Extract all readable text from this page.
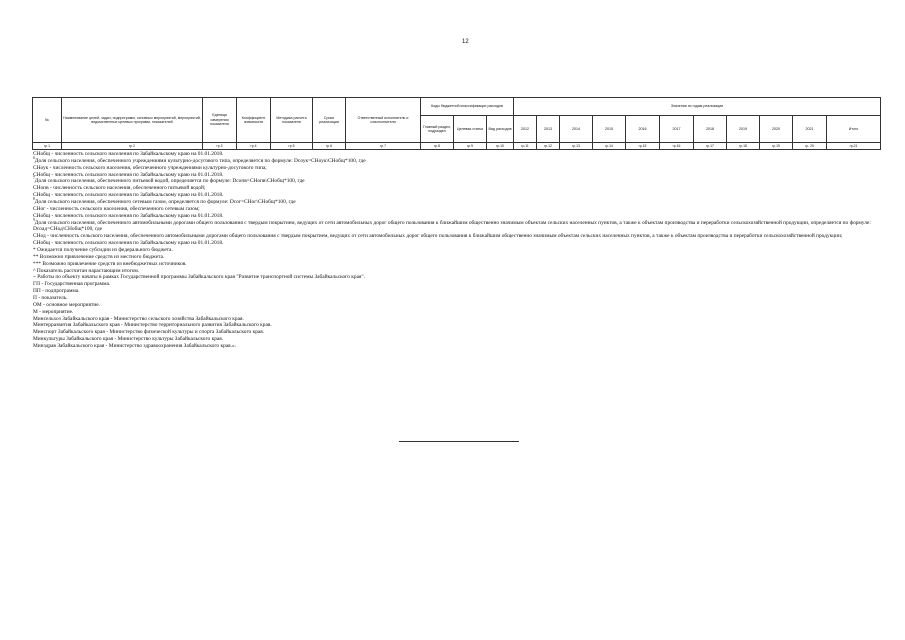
12
№	Наименование целей, задач, подпрограмм, основных мероприятий, мероприятий, ведомственных целевых программ, показателей	Единица измерения показателя	Коэффициент значимости	Методика расчета показателя	Сроки реализации	Ответственный исполнитель и соисполнители	Коды бюджетной классификации расходов			Значения по годам реализации										
							Главный раздел, подраздел	Целевая статья	Вид расходов	2012	2013	2014	2015	2016	2017	2018	2019	2020	2021	Итого
гр.1	гр.2	гр.3	гр.4	гр.5	гр.6	гр.7	гр.8	гр.9	гр.10	гр.11	гр.12	гр.13	гр.14	гр.15	гр.16	гр.17	гр.18	гр.19	гр. 20	гр.21

СНобщ - численность сельского населения по Забайкальскому краю на 01.01.2018.

$^6$Доля сельского населения, обеспеченного учреждениями культурно-досугового типа, определяется по формуле: Dсоук=СНоук\СНобщ*100, где

СНоук - численность сельского населения, обеспеченного учреждениями культурно-досугового типа;

СНобщ - численность сельского населения по Забайкальскому краю на 01.01.2018.

$^7$Доля сельского населения, обеспеченного питьевой водой, определяется по формуле: Dсопв=СНопв\СНобщ*100, где

СНопв - численность сельского населения, обеспеченного питьевой водой;

СНобщ - численность сельского населения по Забайкальскому краю на 01.01.2018.

$^8$Доля сельского населения, обеспеченного сетевым газом, определяется по формуле: Dсог=СНог\СНобщ*100, где

СНог - численность сельского населения, обеспеченного сетевым газом;

СНобщ - численность сельского населения по Забайкальскому краю на 01.01.2018.

$^9$Доля сельского населения, обеспеченного автомобильными дорогами общего пользования с твердым покрытием, ведущих от сети автомобильных дорог общего пользования к ближайшим общественно значимым объектам сельских населенных пунктов, а также к объектам производства и переработки сельскохозяйственной продукции, определяется по формуле: Dсоад=СНод\СНобщ*100, где

СНод - численность сельского населения, обеспеченного автомобильными дорогами общего пользования с твердым покрытием, ведущих от сети автомобильных дорог общего пользования к ближайшим общественно значимым объектам сельских населенных пунктов, а также к объектам производства и переработки сельскохозяйственной продукции;

СНобщ - численность сельского населения по Забайкальскому краю на 01.01.2018.

* Ожидается получение субсидии из федерального бюджета.

** Возможно привлечение средств из местного бюджета.

*** Возможно привлечение средств из внебюджетных источников.

^ Показатель рассчитан нарастающим итогом.

~ Работы по объекту начаты в рамках Государственной программы Забайкальского края "Развитие транспортной системы Забайкальского края".

ГП - Государственная программа.

ПП - подпрограмма.

П - показатель.

ОМ - основное мероприятие.

М - мероприятие.

Минсельхоз Забайкальского края - Министерство сельского хозяйства Забайкальского края.

Минтерразвития Забайкальского края - Министерство территориального развития Забайкальского края.

Минспорт Забайкальского края - Министерство физической культуры и спорта Забайкальского края.

Минкультуры Забайкальского края - Министерство культуры Забайкальского края.

Минздрав Забайкальского края - Министерство здравоохранения Забайкальского края.».
